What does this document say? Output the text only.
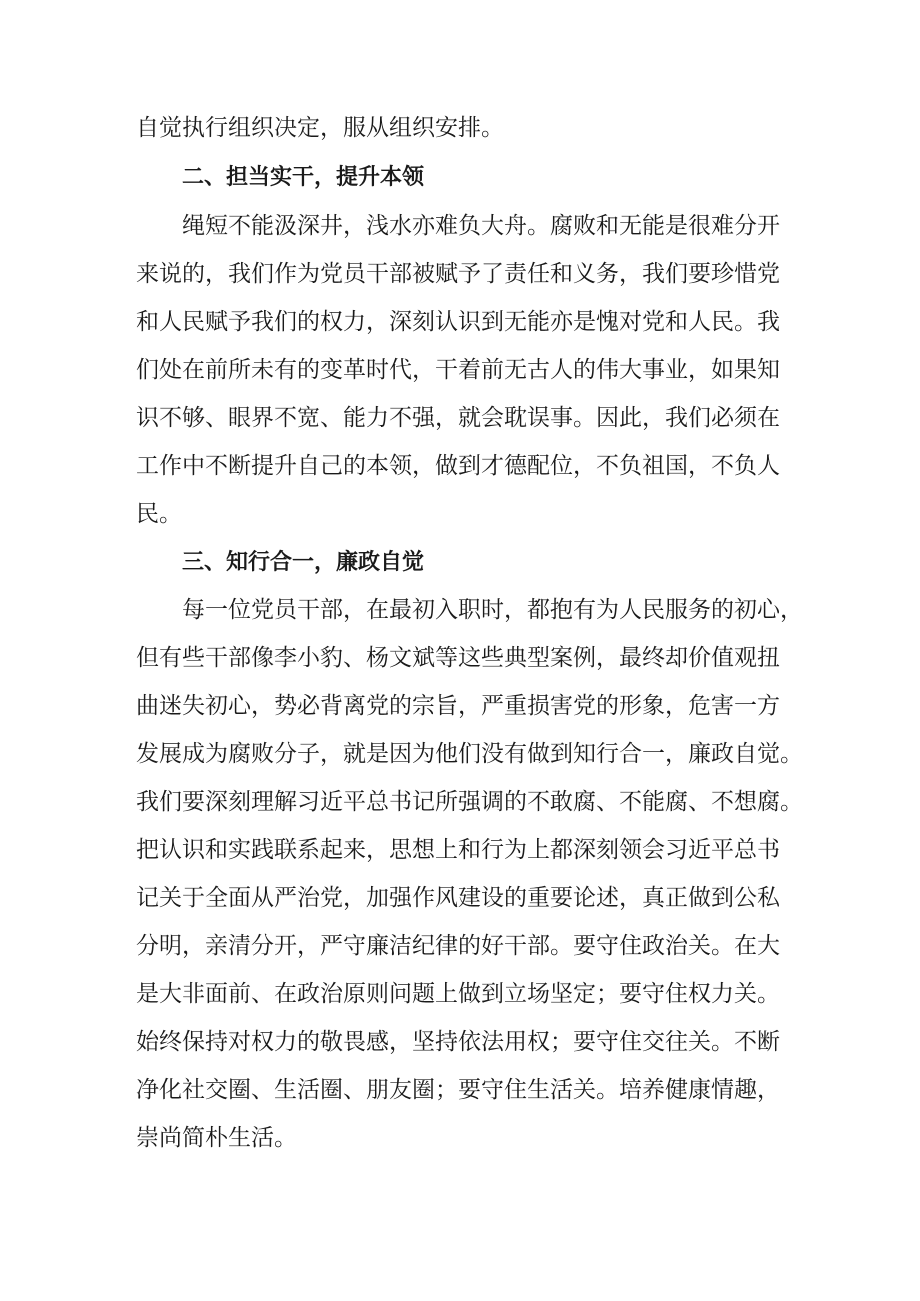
自觉执行组织决定，服从组织安排。
二、担当实干，提升本领
绳短不能汲深井，浅水亦难负大舟。腐败和无能是很难分开
来说的，我们作为党员干部被赋予了责任和义务，我们要珍惜党
和人民赋予我们的权力，深刻认识到无能亦是愧对党和人民。我
们处在前所未有的变革时代，干着前无古人的伟大事业，如果知
识不够、眼界不宽、能力不强，就会耽误事。因此，我们必须在
工作中不断提升自己的本领，做到才德配位，不负祖国，不负人
民。
三、知行合一，廉政自觉
每一位党员干部，在最初入职时，都抱有为人民服务的初心，
但有些干部像李小豹、杨文斌等这些典型案例，最终却价值观扭
曲迷失初心，势必背离党的宗旨，严重损害党的形象，危害一方
发展成为腐败分子，就是因为他们没有做到知行合一，廉政自觉。
我们要深刻理解习近平总书记所强调的不敢腐、不能腐、不想腐。
把认识和实践联系起来，思想上和行为上都深刻领会习近平总书
记关于全面从严治党，加强作风建设的重要论述，真正做到公私
分明，亲清分开，严守廉洁纪律的好干部。要守住政治关。在大
是大非面前、在政治原则问题上做到立场坚定；要守住权力关。
始终保持对权力的敬畏感，坚持依法用权；要守住交往关。不断
净化社交圈、生活圈、朋友圈；要守住生活关。培养健康情趣，
崇尚简朴生活。
